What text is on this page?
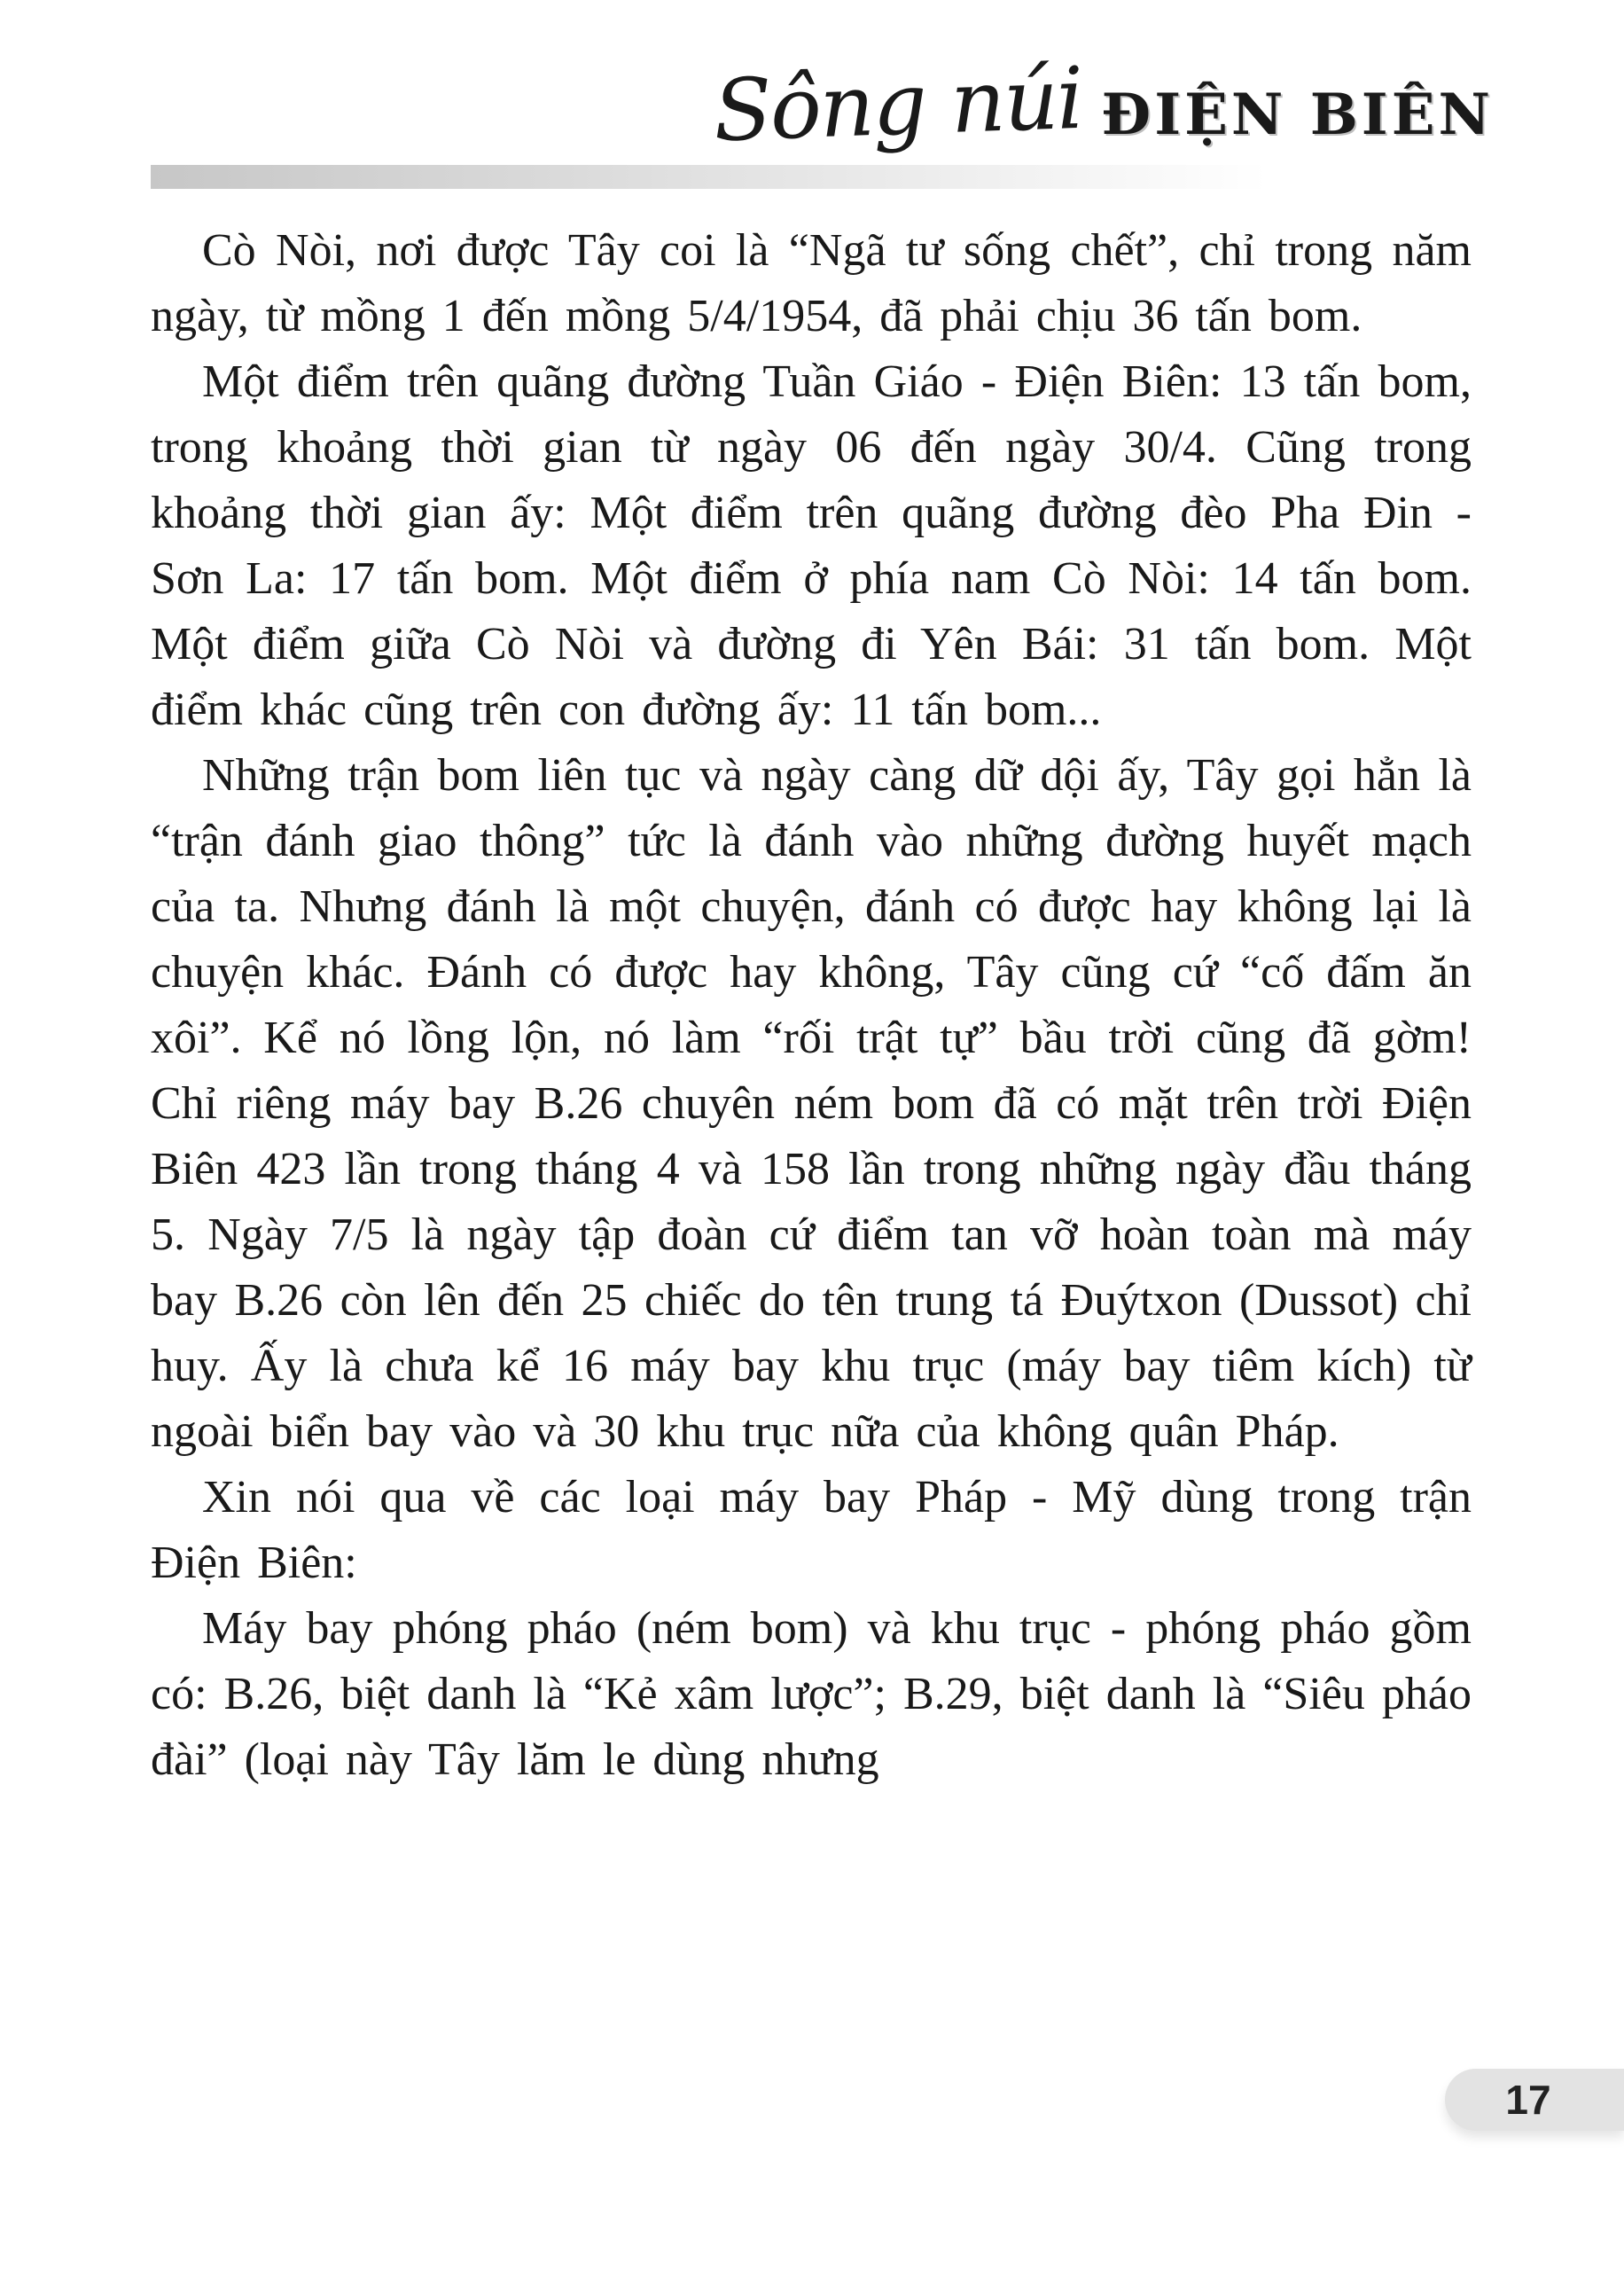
Sông núi ĐIỆN BIÊN

Cò Nòi, nơi được Tây coi là “Ngã tư sống chết”, chỉ trong năm ngày, từ mồng 1 đến mồng 5/4/1954, đã phải chịu 36 tấn bom.

Một điểm trên quãng đường Tuần Giáo - Điện Biên: 13 tấn bom, trong khoảng thời gian từ ngày 06 đến ngày 30/4. Cũng trong khoảng thời gian ấy: Một điểm trên quãng đường đèo Pha Đin - Sơn La: 17 tấn bom. Một điểm ở phía nam Cò Nòi: 14 tấn bom. Một điểm giữa Cò Nòi và đường đi Yên Bái: 31 tấn bom. Một điểm khác cũng trên con đường ấy: 11 tấn bom...

Những trận bom liên tục và ngày càng dữ dội ấy, Tây gọi hẳn là “trận đánh giao thông” tức là đánh vào những đường huyết mạch của ta. Nhưng đánh là một chuyện, đánh có được hay không lại là chuyện khác. Đánh có được hay không, Tây cũng cứ “cố đấm ăn xôi”. Kể nó lồng lộn, nó làm “rối trật tự” bầu trời cũng đã gờm! Chỉ riêng máy bay B.26 chuyên ném bom đã có mặt trên trời Điện Biên 423 lần trong tháng 4 và 158 lần trong những ngày đầu tháng 5. Ngày 7/5 là ngày tập đoàn cứ điểm tan vỡ hoàn toàn mà máy bay B.26 còn lên đến 25 chiếc do tên trung tá Đuýtxon (Dussot) chỉ huy. Ấy là chưa kể 16 máy bay khu trục (máy bay tiêm kích) từ ngoài biển bay vào và 30 khu trục nữa của không quân Pháp.

Xin nói qua về các loại máy bay Pháp - Mỹ dùng trong trận Điện Biên:

Máy bay phóng pháo (ném bom) và khu trục - phóng pháo gồm có: B.26, biệt danh là “Kẻ xâm lược”; B.29, biệt danh là “Siêu pháo đài” (loại này Tây lăm le dùng nhưng

17
